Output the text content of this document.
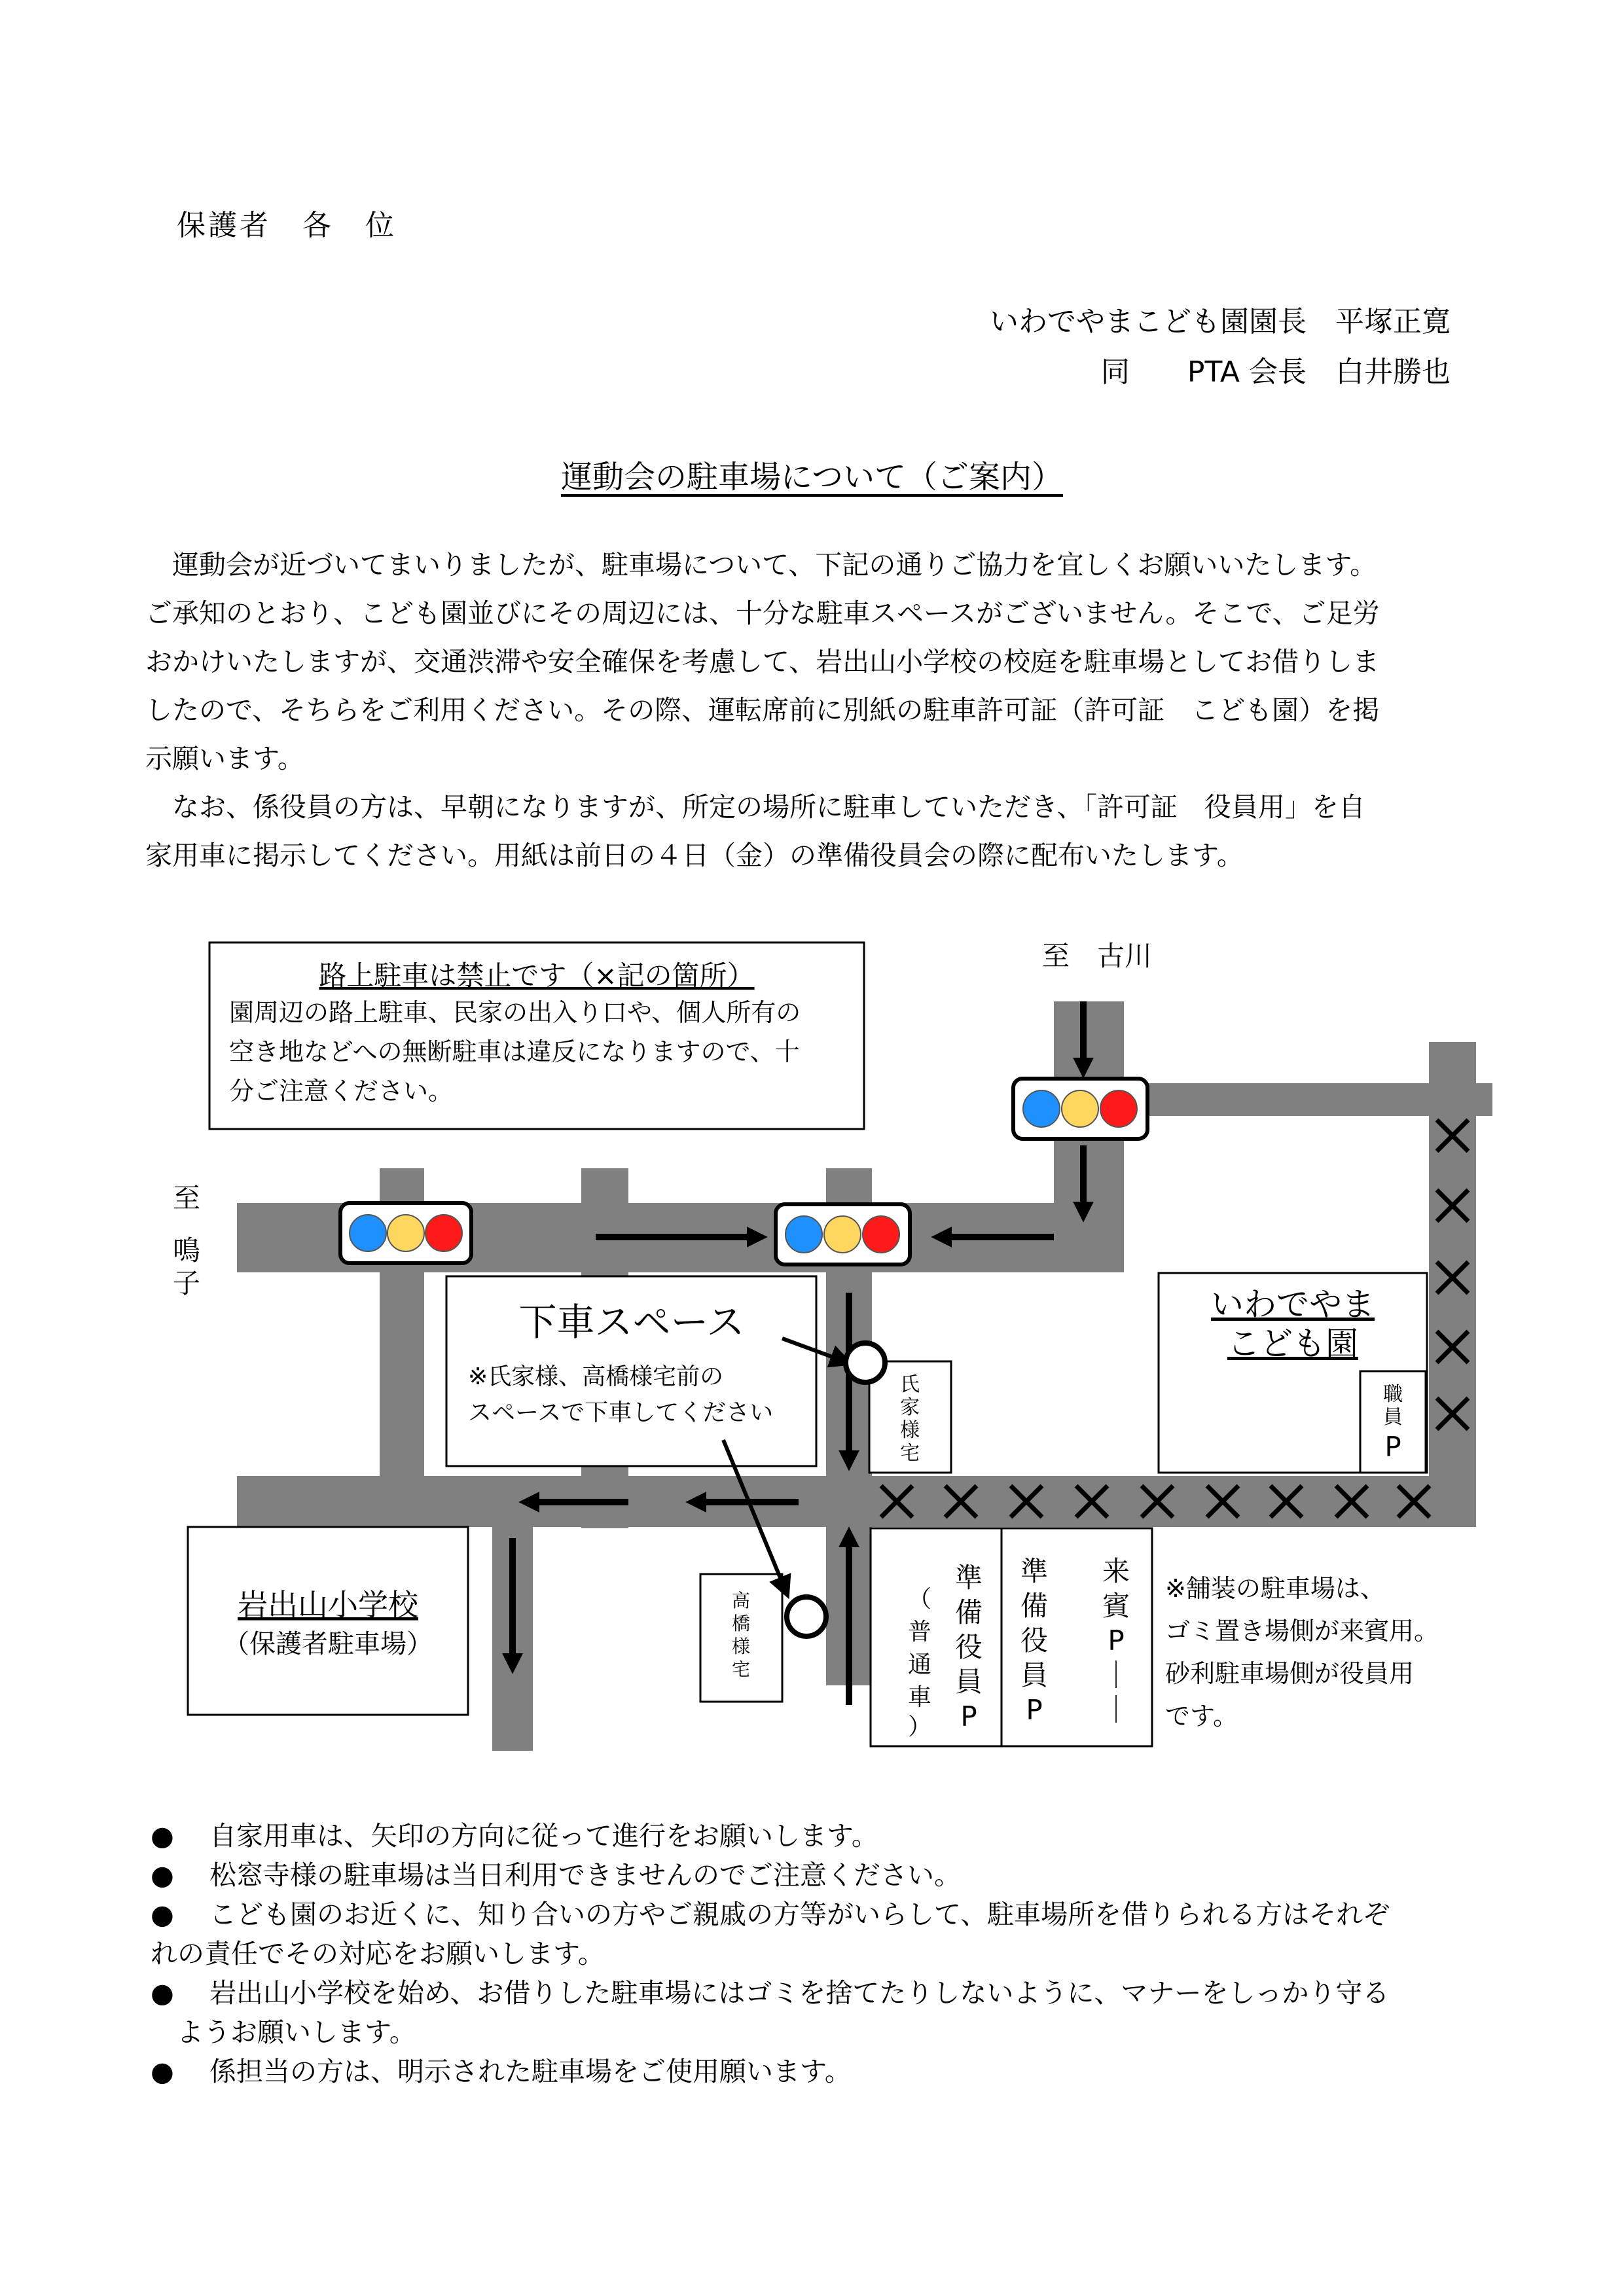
保護者　各　位
いわでやまこども園園長　平塚正寛
同　　PTA 会長　白井勝也
運動会の駐車場について（ご案内）

　運動会が近づいてまいりましたが、駐車場について、下記の通りご協力を宜しくお願いいたします。

ご承知のとおり、こども園並びにその周辺には、十分な駐車スペースがございません。そこで、ご足労

おかけいたしますが、交通渋滞や安全確保を考慮して、岩出山小学校の校庭を駐車場としてお借りしま

したので、そちらをご利用ください。その際、運転席前に別紙の駐車許可証（許可証　こども園）を掲

示願います。

　なお、係役員の方は、早朝になりますが、所定の場所に駐車していただき、「許可証　役員用」を自

家用車に掲示してください。用紙は前日の４日（金）の準備役員会の際に配布いたします。

路上駐車は禁止です（×記の箇所）
園周辺の路上駐車、民家の出入り口や、個人所有の
空き地などへの無断駐車は違反になりますので、十
分ご注意ください。
至　古川
至
鳴
子
下車スペース
※氏家様、高橋様宅前の
スペースで下車してください
氏
家
様
宅
いわでやま
こども園
職
員
P
岩出山小学校
（保護者駐車場）
高
橋
様
宅
準
備
役
員
P
（
普
通
車
）
準
備
役
員
P
来
賓
P
｜
｜
※舗装の駐車場は、
ゴミ置き場側が来賓用。
砂利駐車場側が役員用
です。
● 自家用車は、矢印の方向に従って進行をお願いします。
● 松窓寺様の駐車場は当日利用できませんのでご注意ください。
● こども園のお近くに、知り合いの方やご親戚の方等がいらして、駐車場所を借りられる方はそれぞ
れの責任でその対応をお願いします。
● 岩出山小学校を始め、お借りした駐車場にはゴミを捨てたりしないように、マナーをしっかり守る
ようお願いします。
● 係担当の方は、明示された駐車場をご使用願います。
